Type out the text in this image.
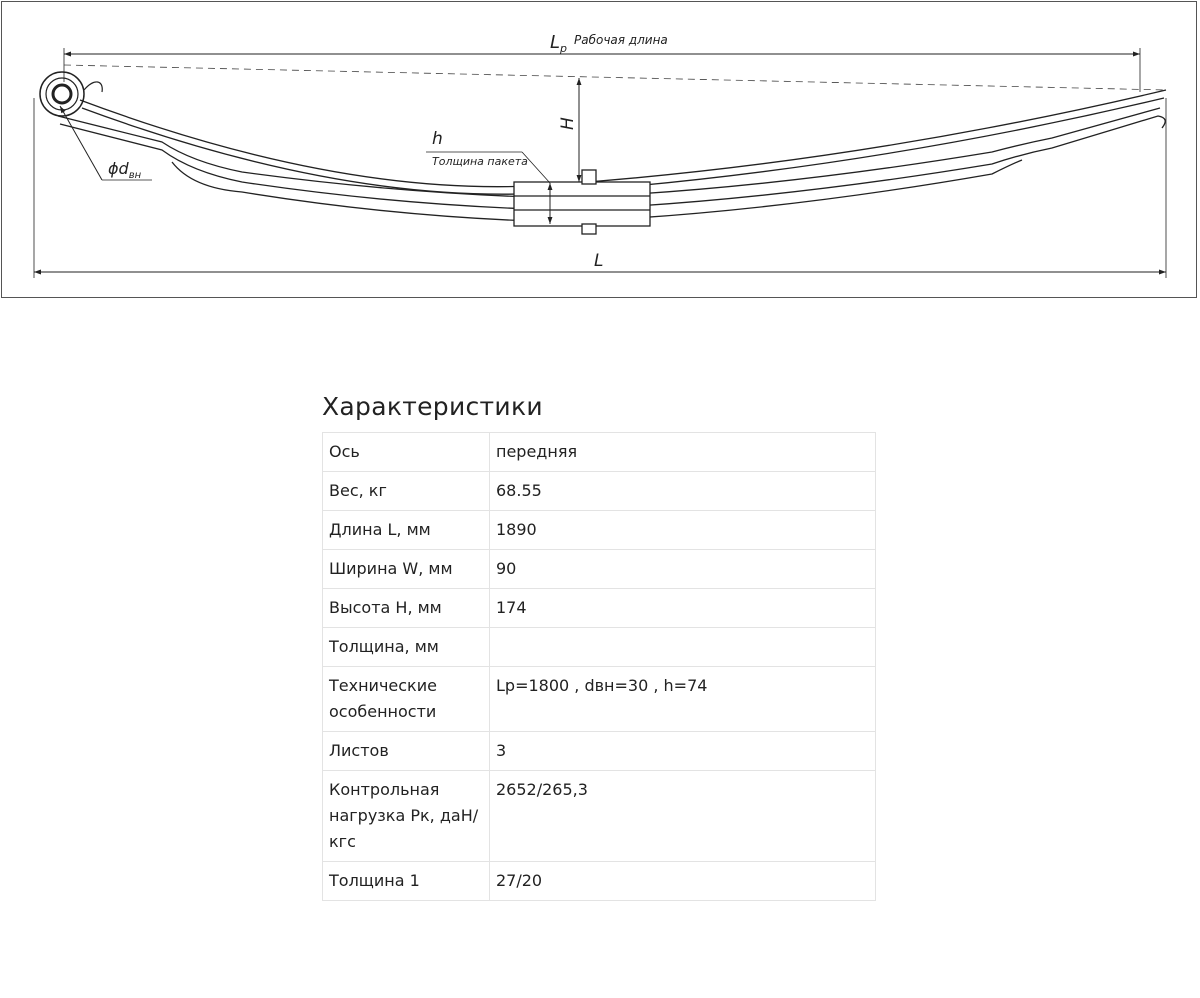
$L_p$
Рабочая длина
H
h
Толщина пакета
$\phi d_{вн}$
L
Характеристики
Ось	передняя
Вес, кг	68.55
Длина L, мм	1890
Ширина W, мм	90
Высота H, мм	174
Толщина, мм	
Технические особенности	Lp=1800 , dвн=30 , h=74
Листов	3
Контрольная нагрузка Pк, даН/кгс	2652/265,3
Толщина 1	27/20
